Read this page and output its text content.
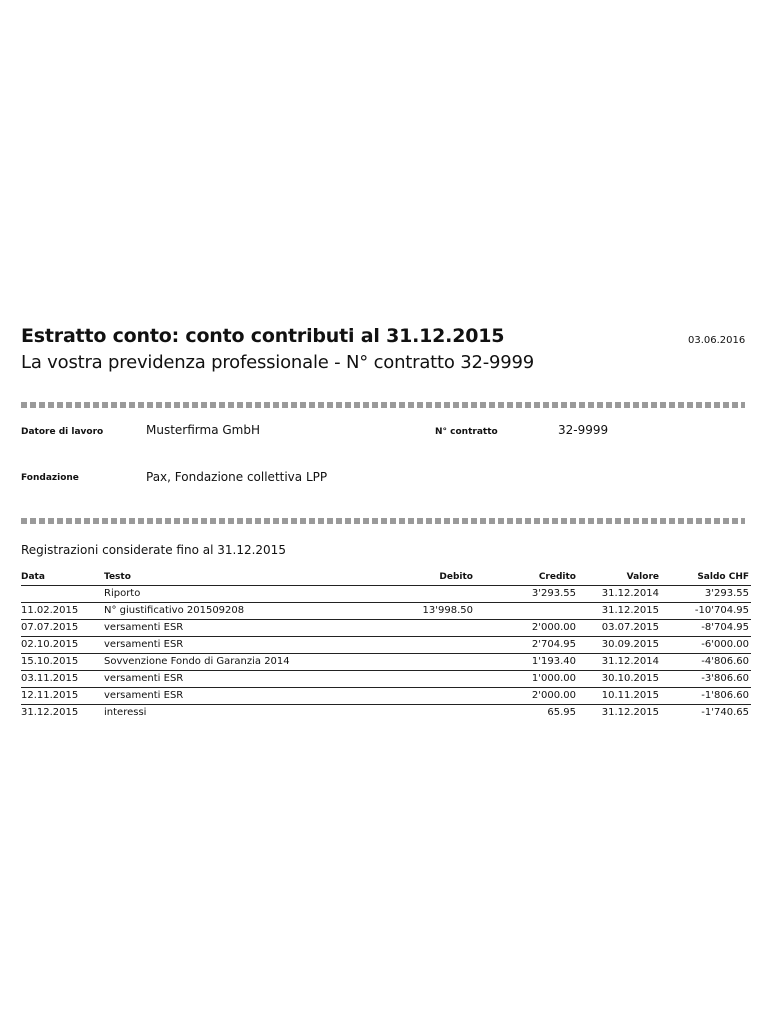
Estratto conto: conto contributi al 31.12.2015
La vostra previdenza professionale - N° contratto 32-9999
03.06.2016
Datore di lavoro	Musterfirma GmbH	N° contratto	32-9999
Fondazione	Pax, Fondazione collettiva LPP
Registrazioni considerate fino al 31.12.2015
Data	Testo	Debito	Credito	Valore	Saldo CHF
	Riporto		3'293.55	31.12.2014	3'293.55
11.02.2015	N° giustificativo 201509208	13'998.50		31.12.2015	-10'704.95
07.07.2015	versamenti ESR		2'000.00	03.07.2015	-8'704.95
02.10.2015	versamenti ESR		2'704.95	30.09.2015	-6'000.00
15.10.2015	Sovvenzione Fondo di Garanzia 2014		1'193.40	31.12.2014	-4'806.60
03.11.2015	versamenti ESR		1'000.00	30.10.2015	-3'806.60
12.11.2015	versamenti ESR		2'000.00	10.11.2015	-1'806.60
31.12.2015	interessi		65.95	31.12.2015	-1'740.65
